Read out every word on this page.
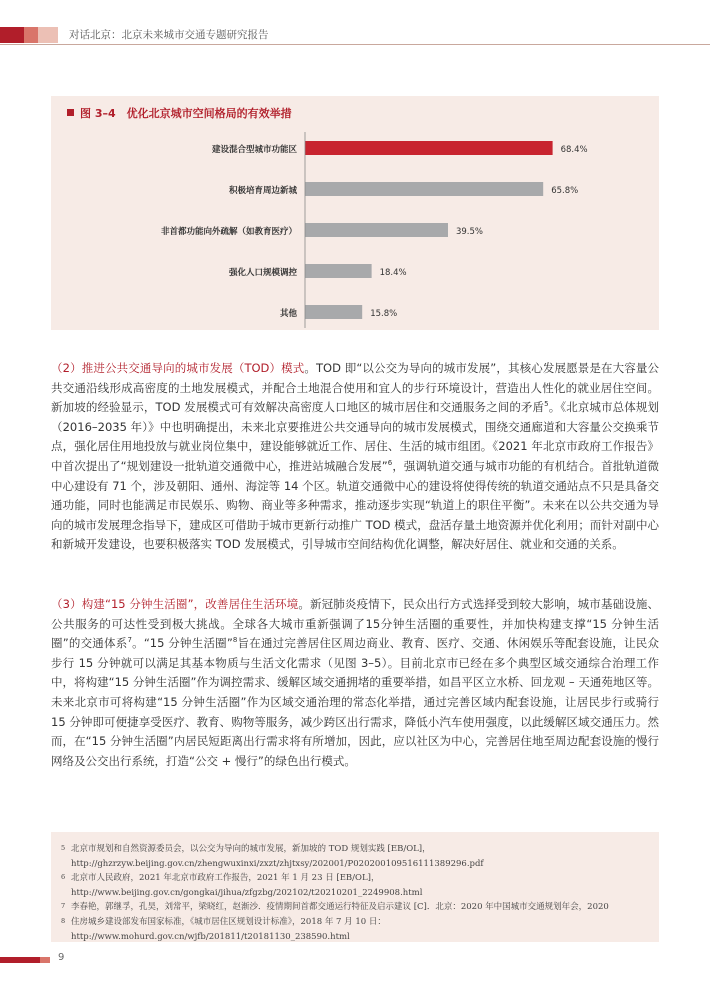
对话北京：北京未来城市交通专题研究报告
图 3–4　优化北京城市空间格局的有效举措
建设混合型城市功能区	68.4%
积极培育周边新城	65.8%
非首都功能向外疏解（如教育医疗）	39.5%
强化人口规模调控	18.4%
其他	15.8%
（2）推进公共交通导向的城市发展（TOD）模式。TOD 即“以公交为导向的城市发展”，其核心发展愿景是在大容量公共交通沿线形成高密度的土地发展模式，并配合土地混合使用和宜人的步行环境设计，营造出人性化的就业居住空间。新加坡的经验显示，TOD 发展模式可有效解决高密度人口地区的城市居住和交通服务之间的矛盾$^5$。《北京城市总体规划（2016–2035 年）》中也明确提出，未来北京要推进公共交通导向的城市发展模式，围绕交通廊道和大容量公交换乘节点，强化居住用地投放与就业岗位集中，建设能够就近工作、居住、生活的城市组团。《2021 年北京市政府工作报告》中首次提出了“规划建设一批轨道交通微中心，推进站城融合发展”$^6$，强调轨道交通与城市功能的有机结合。首批轨道微中心建设有 71 个，涉及朝阳、通州、海淀等 14 个区。轨道交通微中心的建设将使得传统的轨道交通站点不只是具备交通功能，同时也能满足市民娱乐、购物、商业等多种需求，推动逐步实现“轨道上的职住平衡”。未来在以公共交通为导向的城市发展理念指导下，建成区可借助于城市更新行动推广 TOD 模式，盘活存量土地资源并优化利用；而针对副中心和新城开发建设，也要积极落实 TOD 发展模式，引导城市空间结构优化调整，解决好居住、就业和交通的关系。
（3）构建“15 分钟生活圈”，改善居住生活环境。新冠肺炎疫情下，民众出行方式选择受到较大影响，城市基础设施、公共服务的可达性受到极大挑战。全球各大城市重新强调了15分钟生活圈的重要性，并加快构建支撑“15 分钟生活圈”的交通体系$^7$。“15 分钟生活圈”$^8$旨在通过完善居住区周边商业、教育、医疗、交通、休闲娱乐等配套设施，让民众步行 15 分钟就可以满足其基本物质与生活文化需求（见图 3–5）。目前北京市已经在多个典型区域交通综合治理工作中，将构建“15 分钟生活圈”作为调控需求、缓解区域交通拥堵的重要举措，如昌平区立水桥、回龙观 – 天通苑地区等。未来北京市可将构建“15 分钟生活圈”作为区域交通治理的常态化举措，通过完善区域内配套设施，让居民步行或骑行 15 分钟即可便捷享受医疗、教育、购物等服务，减少跨区出行需求，降低小汽车使用强度，以此缓解区域交通压力。然而，在“15 分钟生活圈”内居民短距离出行需求将有所增加，因此，应以社区为中心，完善居住地至周边配套设施的慢行网络及公交出行系统，打造“公交 + 慢行”的绿色出行模式。
5 北京市规划和自然资源委员会，以公交为导向的城市发展，新加坡的 TOD 规划实践 [EB/OL]，http://ghzrzyw.beijing.gov.cn/zhengwuxinxi/zxzt/zhjtxsy/202001/P020200109516111389296.pdf
6 北京市人民政府，2021 年北京市政府工作报告，2021 年 1 月 23 日 [EB/OL]，http://www.beijing.gov.cn/gongkai/jihua/zfgzbg/202102/t20210201_2249908.html
7 李春艳，郭继孚，孔昊，刘常平，梁晓红，赵渐沙．疫情期间首都交通运行特征及启示建议 [C]．北京：2020 年中国城市交通规划年会，2020
8 住房城乡建设部发布国家标准，《城市居住区规划设计标准》，2018 年 7 月 10 日：http://www.mohurd.gov.cn/wjfb/201811/t20181130_238590.html
9
